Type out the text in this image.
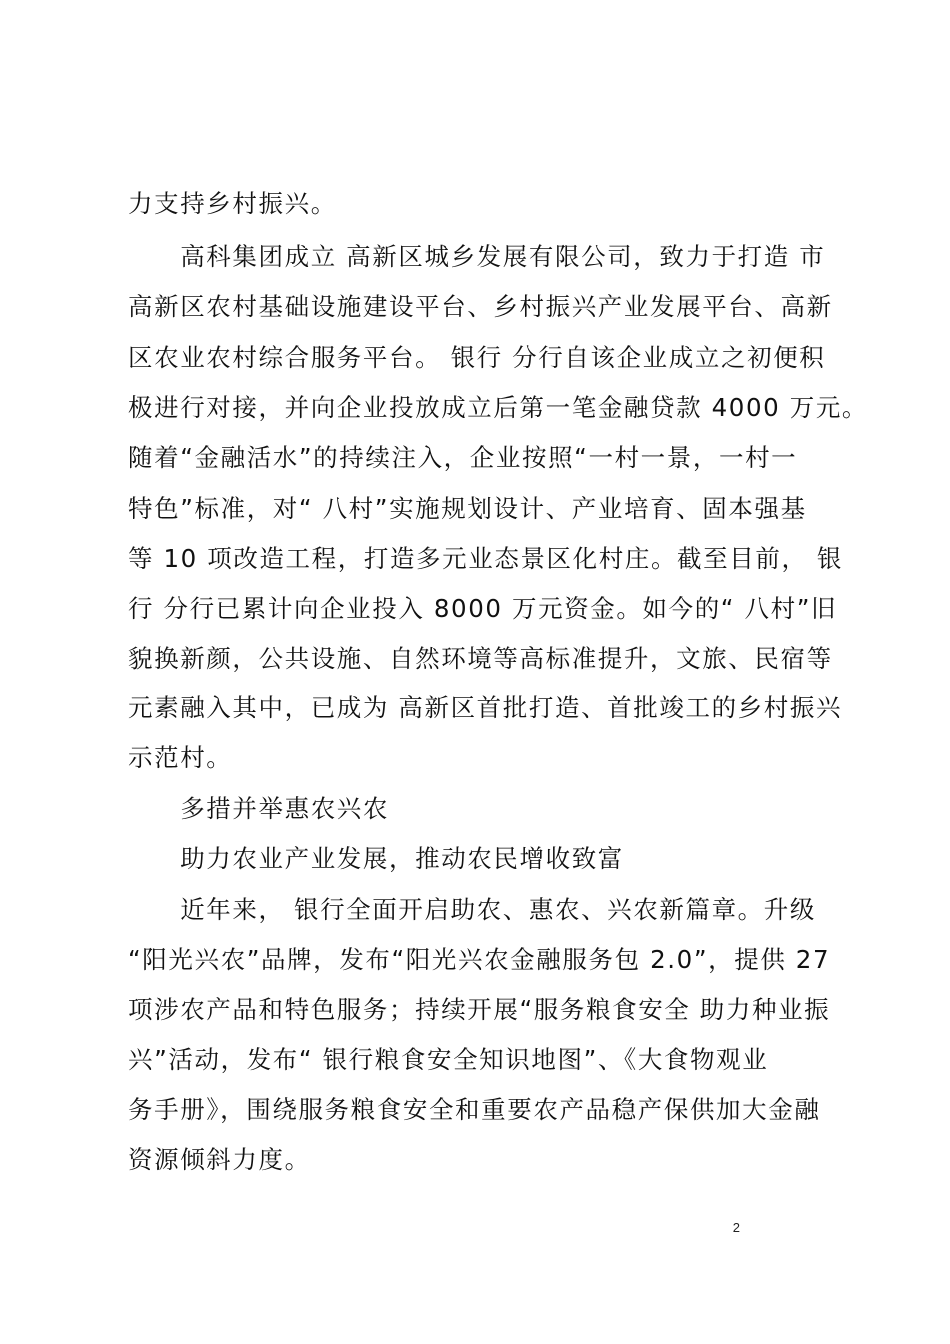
力支持乡村振兴。
　　高科集团成立 高新区城乡发展有限公司，致力于打造 市
高新区农村基础设施建设平台、乡村振兴产业发展平台、高新
区农业农村综合服务平台。 银行 分行自该企业成立之初便积
极进行对接，并向企业投放成立后第一笔金融贷款 4000 万元。
随着“金融活水”的持续注入，企业按照“一村一景，一村一
特色”标准，对“ 八村”实施规划设计、产业培育、固本强基
等 10 项改造工程，打造多元业态景区化村庄。截至目前， 银
行 分行已累计向企业投入 8000 万元资金。如今的“ 八村”旧
貌换新颜，公共设施、自然环境等高标准提升，文旅、民宿等
元素融入其中，已成为 高新区首批打造、首批竣工的乡村振兴
示范村。
　　多措并举惠农兴农
　　助力农业产业发展，推动农民增收致富
　　近年来， 银行全面开启助农、惠农、兴农新篇章。升级
“阳光兴农”品牌，发布“阳光兴农金融服务包 2.0”，提供 27
项涉农产品和特色服务；持续开展“服务粮食安全 助力种业振
兴”活动，发布“ 银行粮食安全知识地图”、《大食物观业
务手册》，围绕服务粮食安全和重要农产品稳产保供加大金融
资源倾斜力度。
2
